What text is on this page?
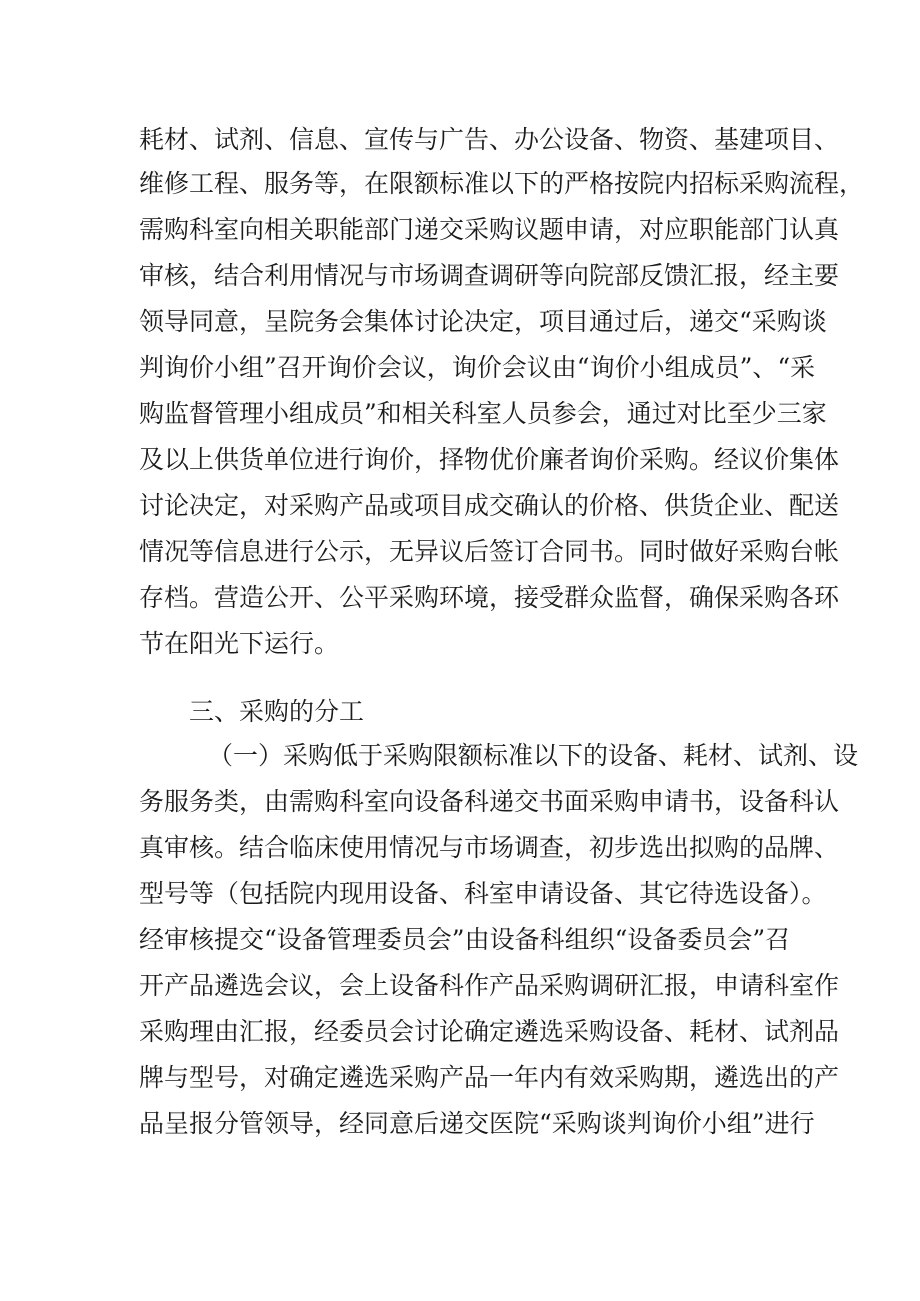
耗材、试剂、信息、宣传与广告、办公设备、物资、基建项目、
维修工程、服务等，在限额标准以下的严格按院内招标采购流程，
需购科室向相关职能部门递交采购议题申请，对应职能部门认真
审核，结合利用情况与市场调查调研等向院部反馈汇报，经主要
领导同意，呈院务会集体讨论决定，项目通过后，递交“采购谈
判询价小组”召开询价会议，询价会议由“询价小组成员”、“采
购监督管理小组成员”和相关科室人员参会，通过对比至少三家
及以上供货单位进行询价，择物优价廉者询价采购。经议价集体
讨论决定，对采购产品或项目成交确认的价格、供货企业、配送
情况等信息进行公示，无异议后签订合同书。同时做好采购台帐
存档。营造公开、公平采购环境，接受群众监督，确保采购各环
节在阳光下运行。
三、采购的分工
（一）采购低于采购限额标准以下的设备、耗材、试剂、设
务服务类，由需购科室向设备科递交书面采购申请书，设备科认
真审核。结合临床使用情况与市场调查，初步选出拟购的品牌、
型号等（包括院内现用设备、科室申请设备、其它待选设备）。
经审核提交“设备管理委员会”由设备科组织“设备委员会”召
开产品遴选会议，会上设备科作产品采购调研汇报，申请科室作
采购理由汇报，经委员会讨论确定遴选采购设备、耗材、试剂品
牌与型号，对确定遴选采购产品一年内有效采购期，遴选出的产
品呈报分管领导，经同意后递交医院“采购谈判询价小组”进行
